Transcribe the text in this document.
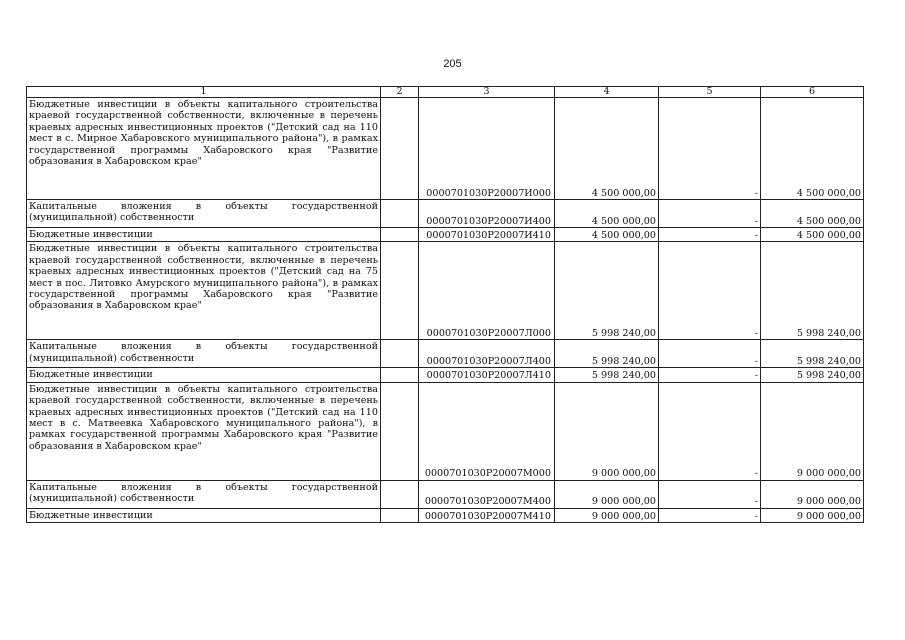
205
1	2	3	4	5	6
Бюджетные инвестиции в объекты капитального строительства краевой государственной собственности, включенные в перечень краевых адресных инвестиционных проектов ("Детский сад на 110 мест в с. Мирное Хабаровского муниципального района"), в рамках государственной программы Хабаровского края "Развитие образования в Хабаровском крае"		0000701030Р20007И000	4 500 000,00	-	4 500 000,00
Капитальные вложения в объекты государственной (муниципальной) собственности		0000701030Р20007И400	4 500 000,00	-	4 500 000,00
Бюджетные инвестиции		0000701030Р20007И410	4 500 000,00	-	4 500 000,00
Бюджетные инвестиции в объекты капитального строительства краевой государственной собственности, включенные в перечень краевых адресных инвестиционных проектов ("Детский сад на 75 мест в пос. Литовко Амурского муниципального района"), в рамках государственной программы Хабаровского края "Развитие образования в Хабаровском крае"		0000701030Р20007Л000	5 998 240,00	-	5 998 240,00
Капитальные вложения в объекты государственной (муниципальной) собственности		0000701030Р20007Л400	5 998 240,00	-	5 998 240,00
Бюджетные инвестиции		0000701030Р20007Л410	5 998 240,00	-	5 998 240,00
Бюджетные инвестиции в объекты капитального строительства краевой государственной собственности, включенные в перечень краевых адресных инвестиционных проектов ("Детский сад на 110 мест в с. Матвеевка Хабаровского муниципального района"), в рамках государственной программы Хабаровского края "Развитие образования в Хабаровском крае"		0000701030Р20007М000	9 000 000,00	-	9 000 000,00
Капитальные вложения в объекты государственной (муниципальной) собственности		0000701030Р20007М400	9 000 000,00	-	9 000 000,00
Бюджетные инвестиции		0000701030Р20007М410	9 000 000,00	-	9 000 000,00
